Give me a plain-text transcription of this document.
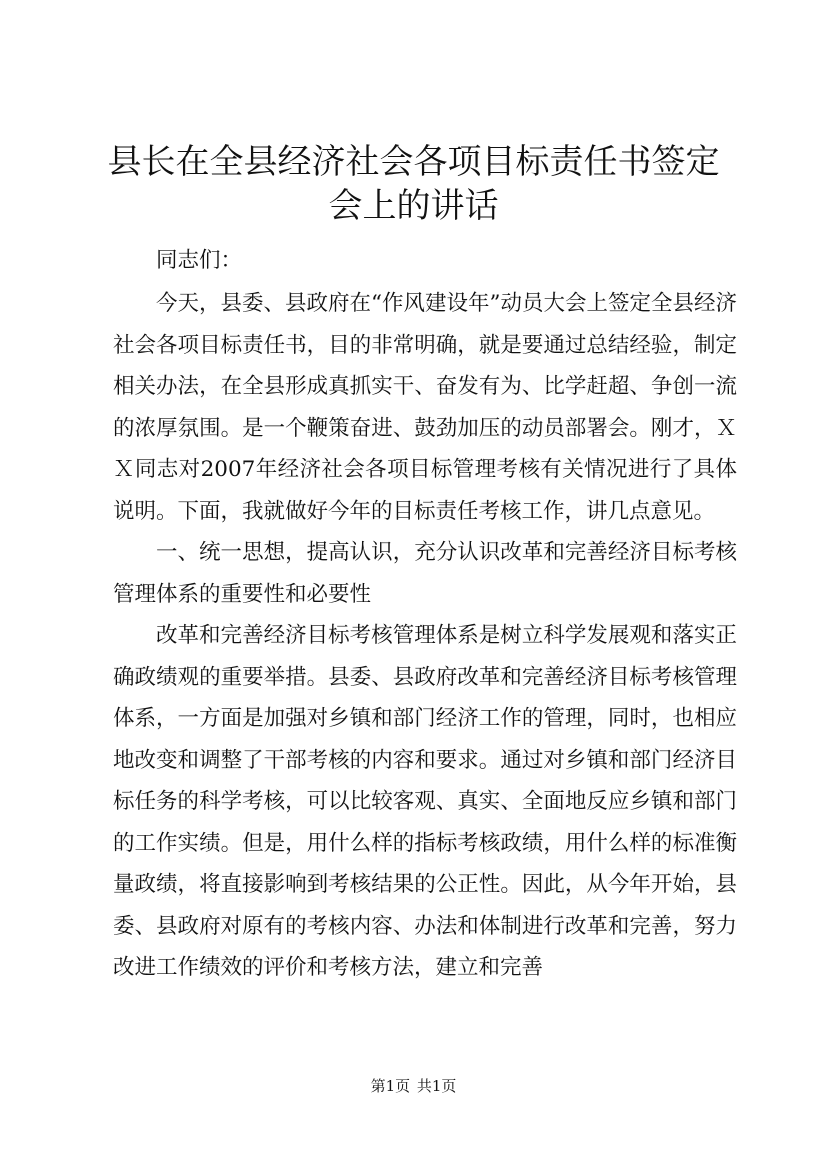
县长在全县经济社会各项目标责任书签定会上的讲话

同志们：

今天，县委、县政府在“作风建设年”动员大会上签定全县经济社会各项目标责任书，目的非常明确，就是要通过总结经验，制定相关办法，在全县形成真抓实干、奋发有为、比学赶超、争创一流的浓厚氛围。是一个鞭策奋进、鼓劲加压的动员部署会。刚才，ＸＸ同志对2007年经济社会各项目标管理考核有关情况进行了具体说明。下面，我就做好今年的目标责任考核工作，讲几点意见。

一、统一思想，提高认识，充分认识改革和完善经济目标考核管理体系的重要性和必要性

改革和完善经济目标考核管理体系是树立科学发展观和落实正确政绩观的重要举措。县委、县政府改革和完善经济目标考核管理体系，一方面是加强对乡镇和部门经济工作的管理，同时，也相应地改变和调整了干部考核的内容和要求。通过对乡镇和部门经济目标任务的科学考核，可以比较客观、真实、全面地反应乡镇和部门的工作实绩。但是，用什么样的指标考核政绩，用什么样的标准衡量政绩，将直接影响到考核结果的公正性。因此，从今年开始，县委、县政府对原有的考核内容、办法和体制进行改革和完善，努力改进工作绩效的评价和考核方法，建立和完善

第1页 共1页
